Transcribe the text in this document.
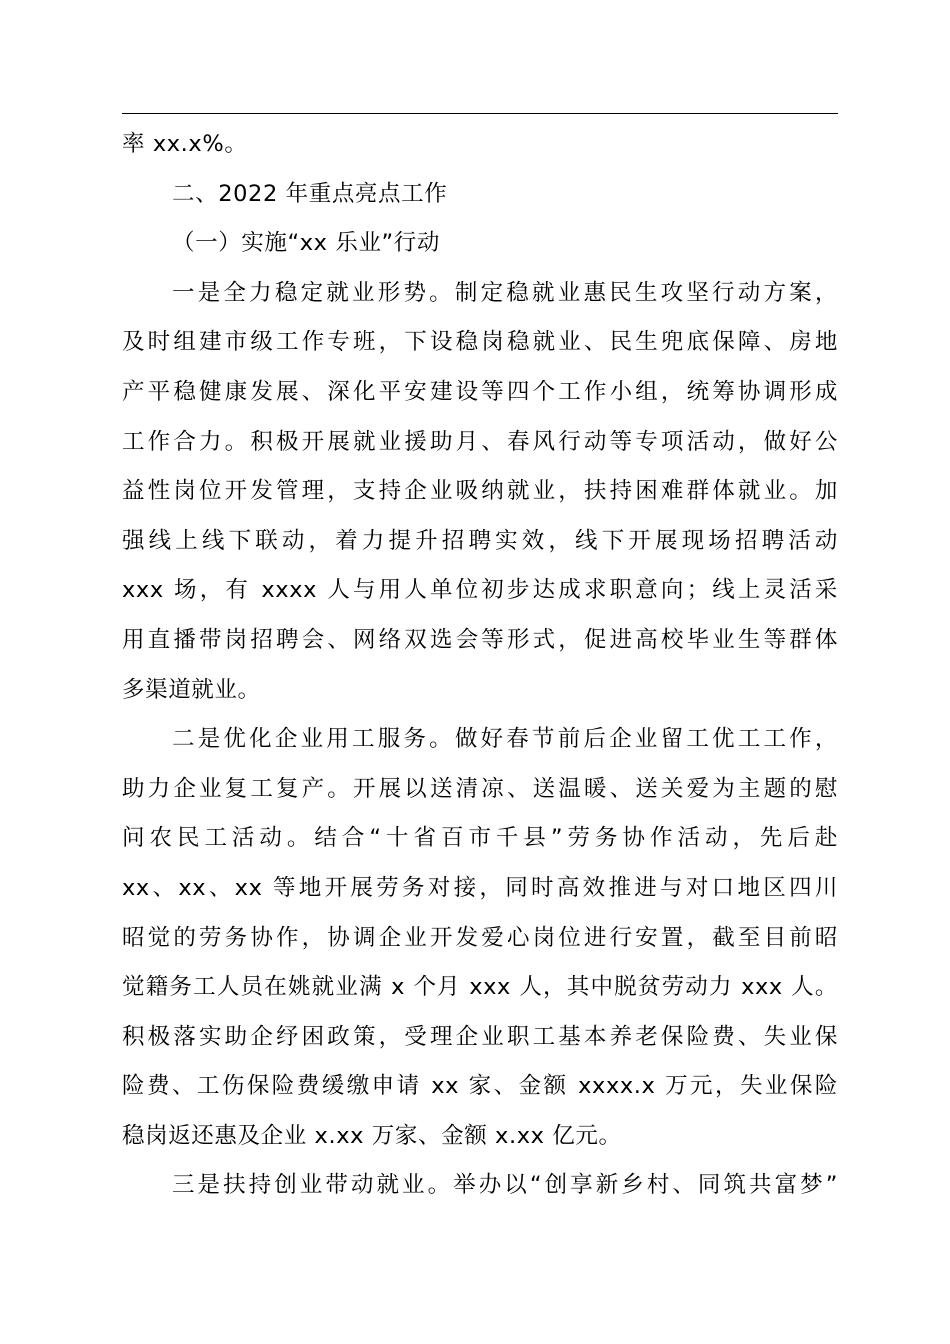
率 xx.x%。
二、2022 年重点亮点工作
（一）实施“xx 乐业”行动
一是全力稳定就业形势。制定稳就业惠民生攻坚行动方案，
及时组建市级工作专班，下设稳岗稳就业、民生兜底保障、房地
产平稳健康发展、深化平安建设等四个工作小组，统筹协调形成
工作合力。积极开展就业援助月、春风行动等专项活动，做好公
益性岗位开发管理，支持企业吸纳就业，扶持困难群体就业。加
强线上线下联动，着力提升招聘实效，线下开展现场招聘活动
xxx 场，有 xxxx 人与用人单位初步达成求职意向；线上灵活采
用直播带岗招聘会、网络双选会等形式，促进高校毕业生等群体
多渠道就业。
二是优化企业用工服务。做好春节前后企业留工优工工作，
助力企业复工复产。开展以送清凉、送温暖、送关爱为主题的慰
问农民工活动。结合“十省百市千县”劳务协作活动，先后赴
xx、xx、xx 等地开展劳务对接，同时高效推进与对口地区四川
昭觉的劳务协作，协调企业开发爱心岗位进行安置，截至目前昭
觉籍务工人员在姚就业满 x 个月 xxx 人，其中脱贫劳动力 xxx 人。
积极落实助企纾困政策，受理企业职工基本养老保险费、失业保
险费、工伤保险费缓缴申请 xx 家、金额 xxxx.x 万元，失业保险
稳岗返还惠及企业 x.xx 万家、金额 x.xx 亿元。
三是扶持创业带动就业。举办以“创享新乡村、同筑共富梦”
